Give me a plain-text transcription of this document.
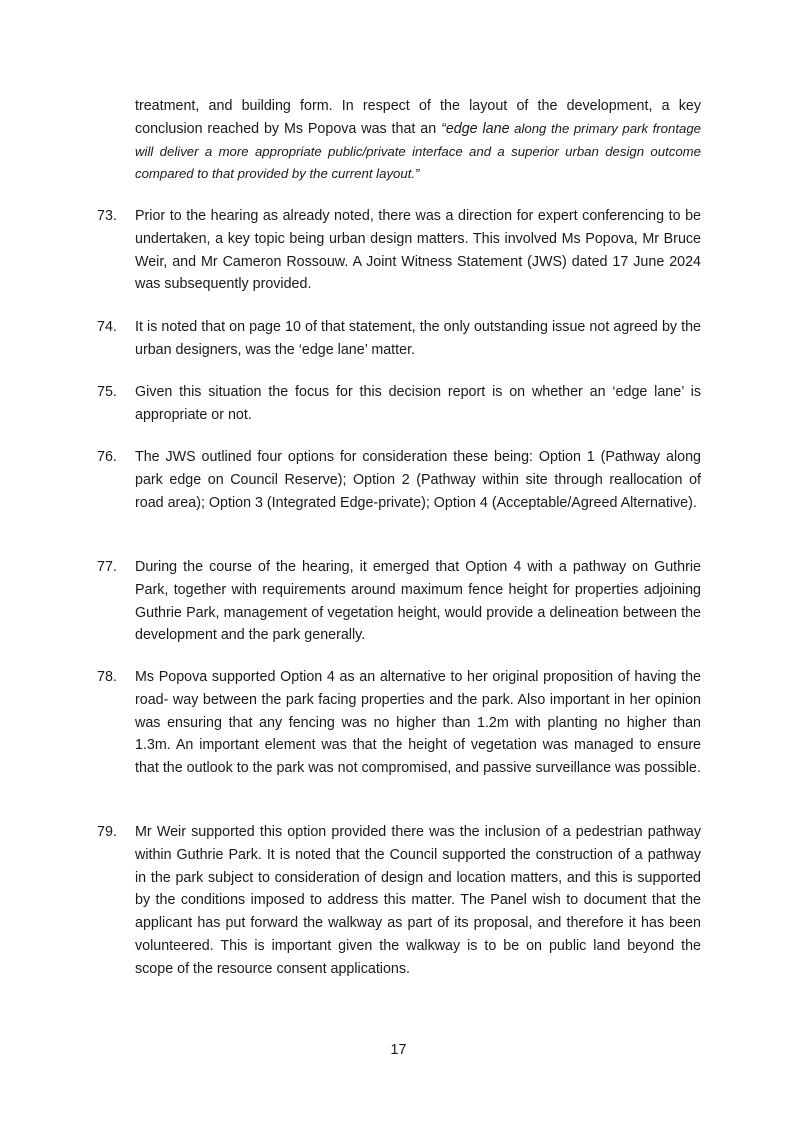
treatment, and building form. In respect of the layout of the development, a key conclusion reached by Ms Popova was that an “edge lane along the primary park frontage will deliver a more appropriate public/private interface and a superior urban design outcome compared to that provided by the current layout.”

73. Prior to the hearing as already noted, there was a direction for expert conferencing to be undertaken, a key topic being urban design matters. This involved Ms Popova, Mr Bruce Weir, and Mr Cameron Rossouw. A Joint Witness Statement (JWS) dated 17 June 2024 was subsequently provided.

74. It is noted that on page 10 of that statement, the only outstanding issue not agreed by the urban designers, was the ‘edge lane’ matter.

75. Given this situation the focus for this decision report is on whether an ‘edge lane’ is appropriate or not.

76. The JWS outlined four options for consideration these being: Option 1 (Pathway along park edge on Council Reserve); Option 2 (Pathway within site through reallocation of road area); Option 3 (Integrated Edge-private); Option 4 (Acceptable/Agreed Alternative).

77. During the course of the hearing, it emerged that Option 4 with a pathway on Guthrie Park, together with requirements around maximum fence height for properties adjoining Guthrie Park, management of vegetation height, would provide a delineation between the development and the park generally.

78. Ms Popova supported Option 4 as an alternative to her original proposition of having the road- way between the park facing properties and the park. Also important in her opinion was ensuring that any fencing was no higher than 1.2m with planting no higher than 1.3m. An important element was that the height of vegetation was managed to ensure that the outlook to the park was not compromised, and passive surveillance was possible.

79. Mr Weir supported this option provided there was the inclusion of a pedestrian pathway within Guthrie Park. It is noted that the Council supported the construction of a pathway in the park subject to consideration of design and location matters, and this is supported by the conditions imposed to address this matter. The Panel wish to document that the applicant has put forward the walkway as part of its proposal, and therefore it has been volunteered. This is important given the walkway is to be on public land beyond the scope of the resource consent applications.

17
